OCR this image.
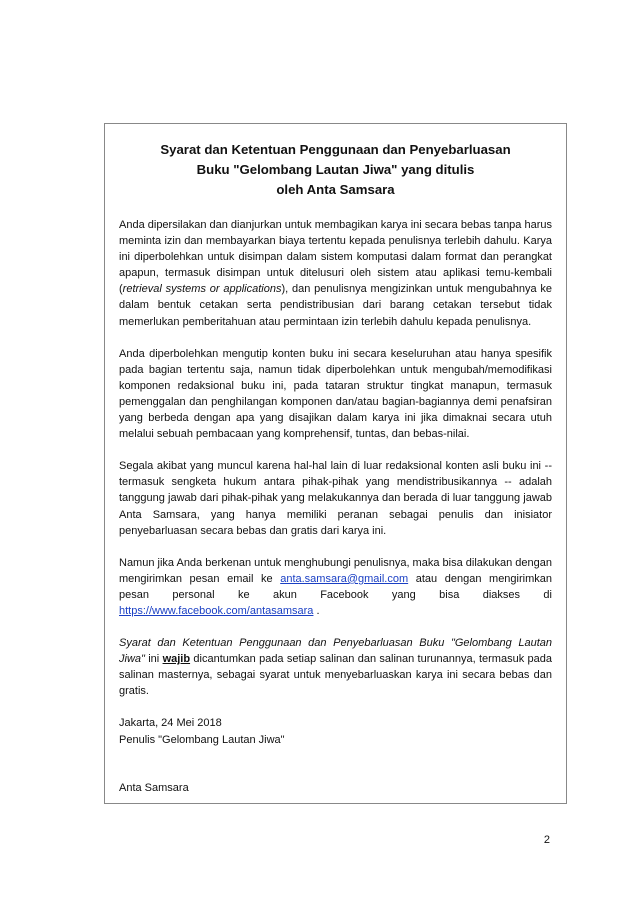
Syarat dan Ketentuan Penggunaan dan Penyebarluasan
Buku "Gelombang Lautan Jiwa" yang ditulis
oleh Anta Samsara

Anda dipersilakan dan dianjurkan untuk membagikan karya ini secara bebas tanpa harus meminta izin dan membayarkan biaya tertentu kepada penulisnya terlebih dahulu. Karya ini diperbolehkan untuk disimpan dalam sistem komputasi dalam format dan perangkat apapun, termasuk disimpan untuk ditelusuri oleh sistem atau aplikasi temu-kembali (retrieval systems or applications), dan penulisnya mengizinkan untuk mengubahnya ke dalam bentuk cetakan serta pendistribusian dari barang cetakan tersebut tidak memerlukan pemberitahuan atau permintaan izin terlebih dahulu kepada penulisnya.

Anda diperbolehkan mengutip konten buku ini secara keseluruhan atau hanya spesifik pada bagian tertentu saja, namun tidak diperbolehkan untuk mengubah/memodifikasi komponen redaksional buku ini, pada tataran struktur tingkat manapun, termasuk pemenggalan dan penghilangan komponen dan/atau bagian-bagiannya demi penafsiran yang berbeda dengan apa yang disajikan dalam karya ini jika dimaknai secara utuh melalui sebuah pembacaan yang komprehensif, tuntas, dan bebas-nilai.

Segala akibat yang muncul karena hal-hal lain di luar redaksional konten asli buku ini -- termasuk sengketa hukum antara pihak-pihak yang mendistribusikannya -- adalah tanggung jawab dari pihak-pihak yang melakukannya dan berada di luar tanggung jawab Anta Samsara, yang hanya memiliki peranan sebagai penulis dan inisiator penyebarluasan secara bebas dan gratis dari karya ini.

Namun jika Anda berkenan untuk menghubungi penulisnya, maka bisa dilakukan dengan mengirimkan pesan email ke anta.samsara@gmail.com atau dengan mengirimkan pesan personal ke akun Facebook yang bisa diakses di https://www.facebook.com/antasamsara .

Syarat dan Ketentuan Penggunaan dan Penyebarluasan Buku "Gelombang Lautan Jiwa" ini wajib dicantumkan pada setiap salinan dan salinan turunannya, termasuk pada salinan masternya, sebagai syarat untuk menyebarluaskan karya ini secara bebas dan gratis.

Jakarta, 24 Mei 2018

Penulis "Gelombang Lautan Jiwa"

Anta Samsara

2
